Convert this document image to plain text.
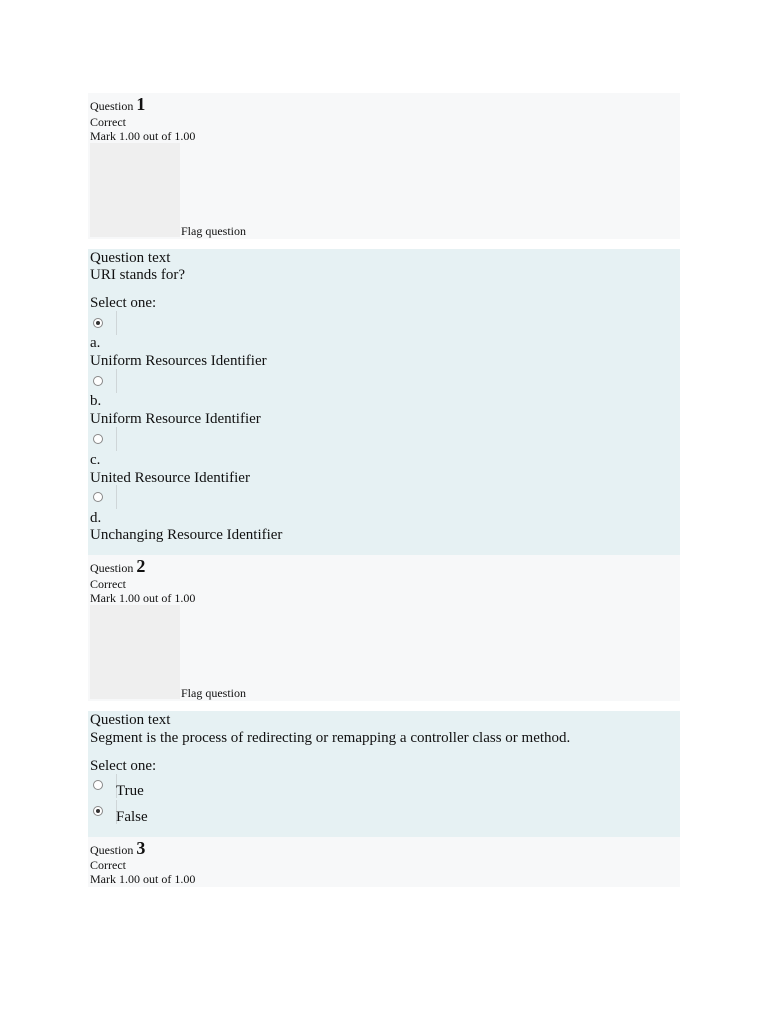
Question 1
Correct
Mark 1.00 out of 1.00
Flag question
Question text
URI stands for?
Select one:
a.
Uniform Resources Identifier
b.
Uniform Resource Identifier
c.
United Resource Identifier
d.
Unchanging Resource Identifier
Question 2
Correct
Mark 1.00 out of 1.00
Flag question
Question text
Segment is the process of redirecting or remapping a controller class or method.
Select one:
True
False
Question 3
Correct
Mark 1.00 out of 1.00
